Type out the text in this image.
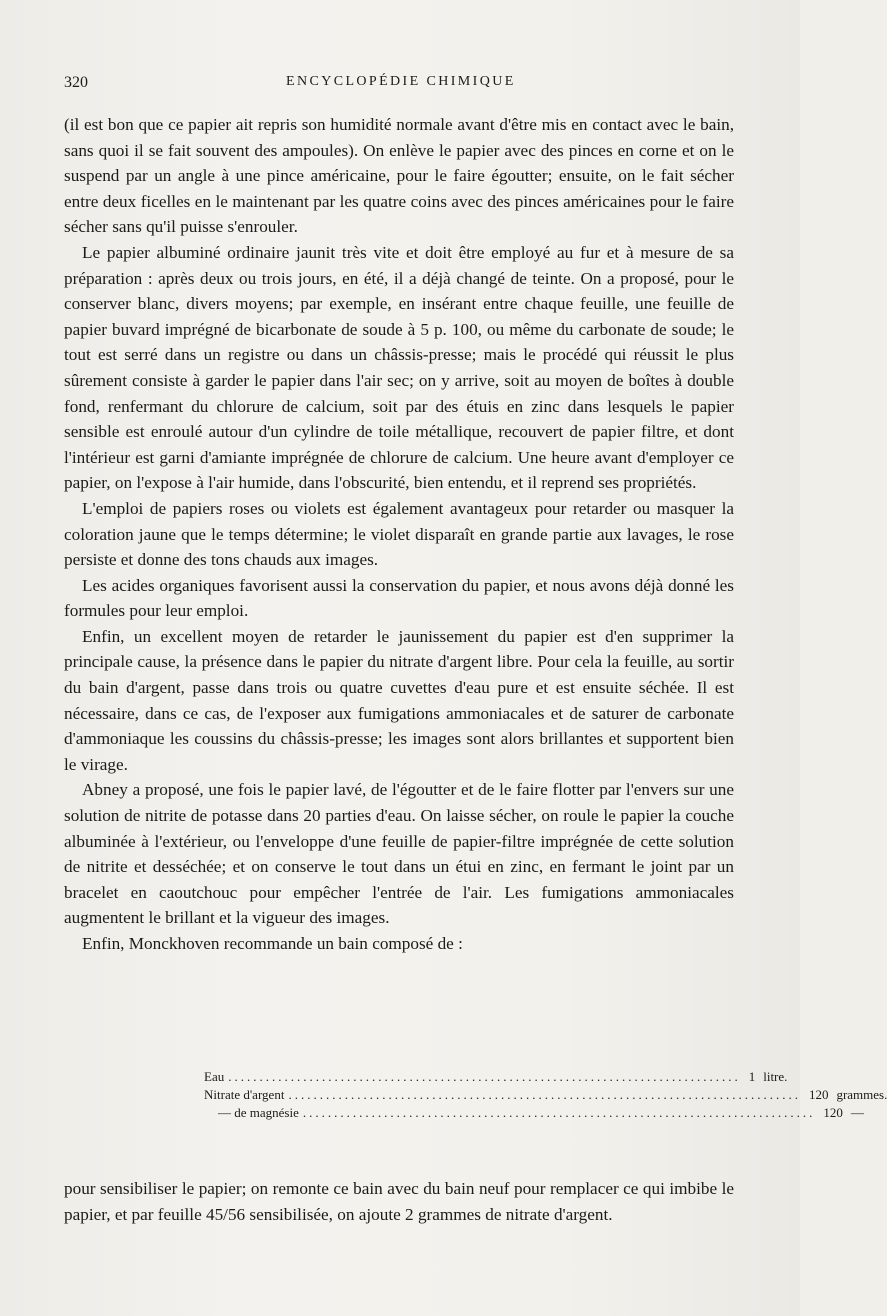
320	ENCYCLOPÉDIE CHIMIQUE

(il est bon que ce papier ait repris son humidité normale avant d'être mis en contact avec le bain, sans quoi il se fait souvent des ampoules). On enlève le papier avec des pinces en corne et on le suspend par un angle à une pince américaine, pour le faire égoutter; ensuite, on le fait sécher entre deux ficelles en le maintenant par les quatre coins avec des pinces américaines pour le faire sécher sans qu'il puisse s'enrouler.

Le papier albuminé ordinaire jaunit très vite et doit être employé au fur et à mesure de sa préparation : après deux ou trois jours, en été, il a déjà changé de teinte. On a proposé, pour le conserver blanc, divers moyens; par exemple, en insérant entre chaque feuille, une feuille de papier buvard imprégné de bicarbonate de soude à 5 p. 100, ou même du carbonate de soude; le tout est serré dans un registre ou dans un châssis-presse; mais le procédé qui réussit le plus sûrement consiste à garder le papier dans l'air sec; on y arrive, soit au moyen de boîtes à double fond, renfermant du chlorure de calcium, soit par des étuis en zinc dans lesquels le papier sensible est enroulé autour d'un cylindre de toile métallique, recouvert de papier filtre, et dont l'intérieur est garni d'amiante imprégnée de chlorure de calcium. Une heure avant d'employer ce papier, on l'expose à l'air humide, dans l'obscurité, bien entendu, et il reprend ses propriétés.

L'emploi de papiers roses ou violets est également avantageux pour retarder ou masquer la coloration jaune que le temps détermine; le violet disparaît en grande partie aux lavages, le rose persiste et donne des tons chauds aux images.

Les acides organiques favorisent aussi la conservation du papier, et nous avons déjà donné les formules pour leur emploi.

Enfin, un excellent moyen de retarder le jaunissement du papier est d'en supprimer la principale cause, la présence dans le papier du nitrate d'argent libre. Pour cela la feuille, au sortir du bain d'argent, passe dans trois ou quatre cuvettes d'eau pure et est ensuite séchée. Il est nécessaire, dans ce cas, de l'exposer aux fumigations ammoniacales et de saturer de carbonate d'ammoniaque les coussins du châssis-presse; les images sont alors brillantes et supportent bien le virage.

Abney a proposé, une fois le papier lavé, de l'égoutter et de le faire flotter par l'envers sur une solution de nitrite de potasse dans 20 parties d'eau. On laisse sécher, on roule le papier la couche albuminée à l'extérieur, ou l'enveloppe d'une feuille de papier-filtre imprégnée de cette solution de nitrite et desséchée; et on conserve le tout dans un étui en zinc, en fermant le joint par un bracelet en caoutchouc pour empêcher l'entrée de l'air. Les fumigations ammoniacales augmentent le brillant et la vigueur des images.

Enfin, Monckhoven recommande un bain composé de :

Eau .................................................................................. 1 litre.
Nitrate d'argent .................................................................................. 120 grammes.
— de magnésie .................................................................................. 120 —

pour sensibiliser le papier; on remonte ce bain avec du bain neuf pour remplacer ce qui imbibe le papier, et par feuille 45/56 sensibilisée, on ajoute 2 grammes de nitrate d'argent.
